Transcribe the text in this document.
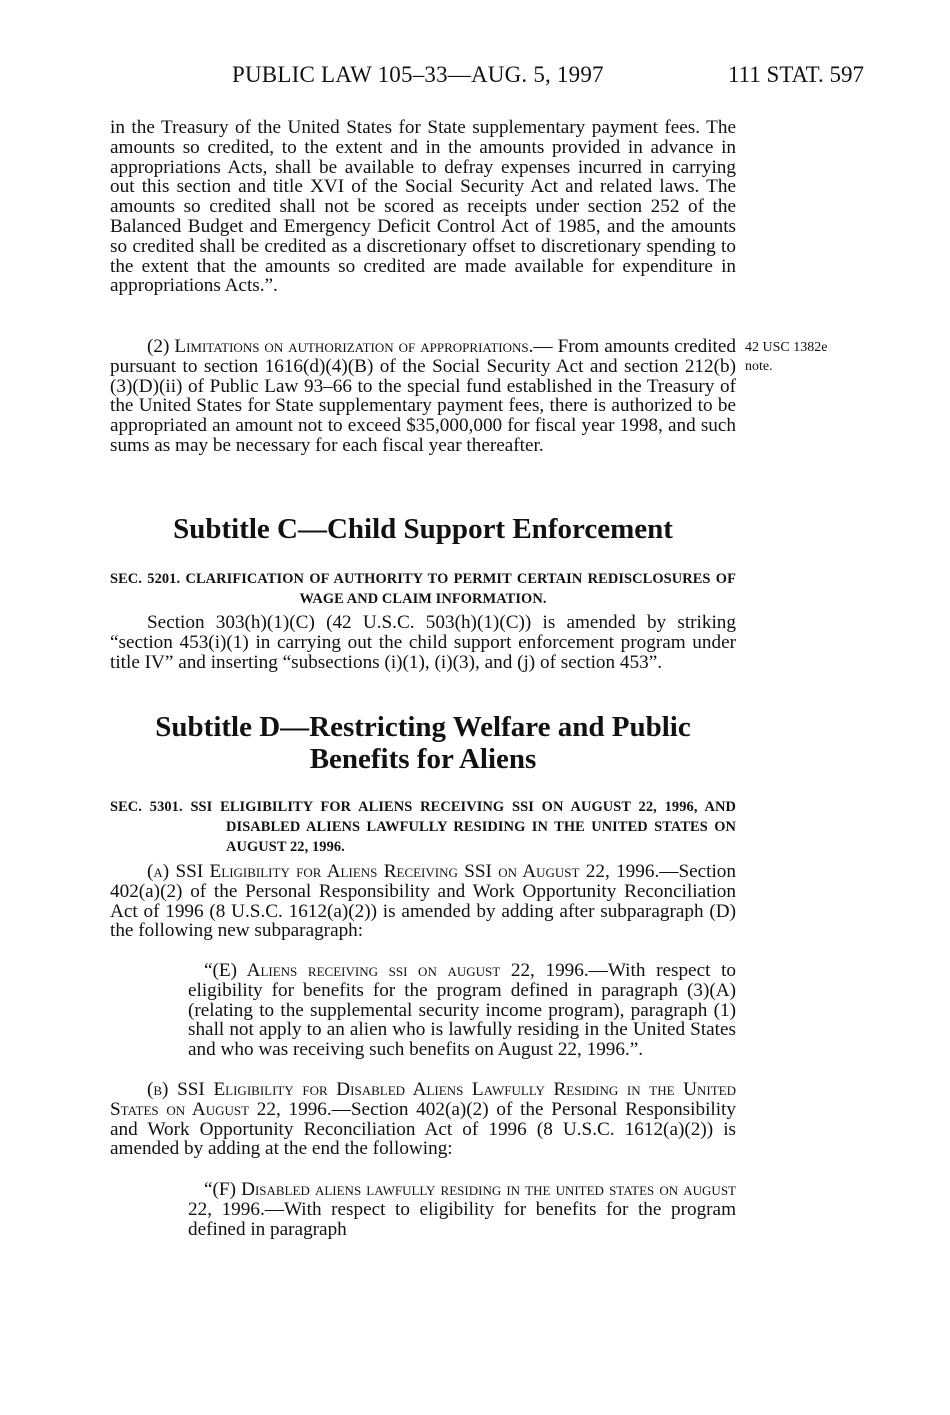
PUBLIC LAW 105–33—AUG. 5, 1997	111 STAT. 597

in the Treasury of the United States for State supplementary payment fees. The amounts so credited, to the extent and in the amounts provided in advance in appropriations Acts, shall be available to defray expenses incurred in carrying out this section and title XVI of the Social Security Act and related laws. The amounts so credited shall not be scored as receipts under section 252 of the Balanced Budget and Emergency Deficit Control Act of 1985, and the amounts so credited shall be credited as a discretionary offset to discretionary spending to the extent that the amounts so credited are made available for expenditure in appropriations Acts.”.

(2) Limitations on authorization of appropriations.— From amounts credited pursuant to section 1616(d)(4)(B) of the Social Security Act and section 212(b)(3)(D)(ii) of Public Law 93–66 to the special fund established in the Treasury of the United States for State supplementary payment fees, there is authorized to be appropriated an amount not to exceed $35,000,000 for fiscal year 1998, and such sums as may be necessary for each fiscal year thereafter.

42 USC 1382e
note.
Subtitle C—Child Support Enforcement

SEC. 5201. CLARIFICATION OF AUTHORITY TO PERMIT CERTAIN REDISCLOSURES OF WAGE AND CLAIM INFORMATION.

Section 303(h)(1)(C) (42 U.S.C. 503(h)(1)(C)) is amended by striking “section 453(i)(1) in carrying out the child support enforcement program under title IV” and inserting “subsections (i)(1), (i)(3), and (j) of section 453”.

Subtitle D—Restricting Welfare and Public
Benefits for Aliens

SEC. 5301. SSI ELIGIBILITY FOR ALIENS RECEIVING SSI ON AUGUST 22, 1996, AND DISABLED ALIENS LAWFULLY RESIDING IN THE UNITED STATES ON AUGUST 22, 1996.

(a) SSI Eligibility for Aliens Receiving SSI on August 22, 1996.—Section 402(a)(2) of the Personal Responsibility and Work Opportunity Reconciliation Act of 1996 (8 U.S.C. 1612(a)(2)) is amended by adding after subparagraph (D) the following new subparagraph:

“(E) Aliens receiving ssi on august 22, 1996.—With respect to eligibility for benefits for the program defined in paragraph (3)(A) (relating to the supplemental security income program), paragraph (1) shall not apply to an alien who is lawfully residing in the United States and who was receiving such benefits on August 22, 1996.”.

(b) SSI Eligibility for Disabled Aliens Lawfully Residing in the United States on August 22, 1996.—Section 402(a)(2) of the Personal Responsibility and Work Opportunity Reconciliation Act of 1996 (8 U.S.C. 1612(a)(2)) is amended by adding at the end the following:

“(F) Disabled aliens lawfully residing in the united states on august 22, 1996.—With respect to eligibility for benefits for the program defined in paragraph
